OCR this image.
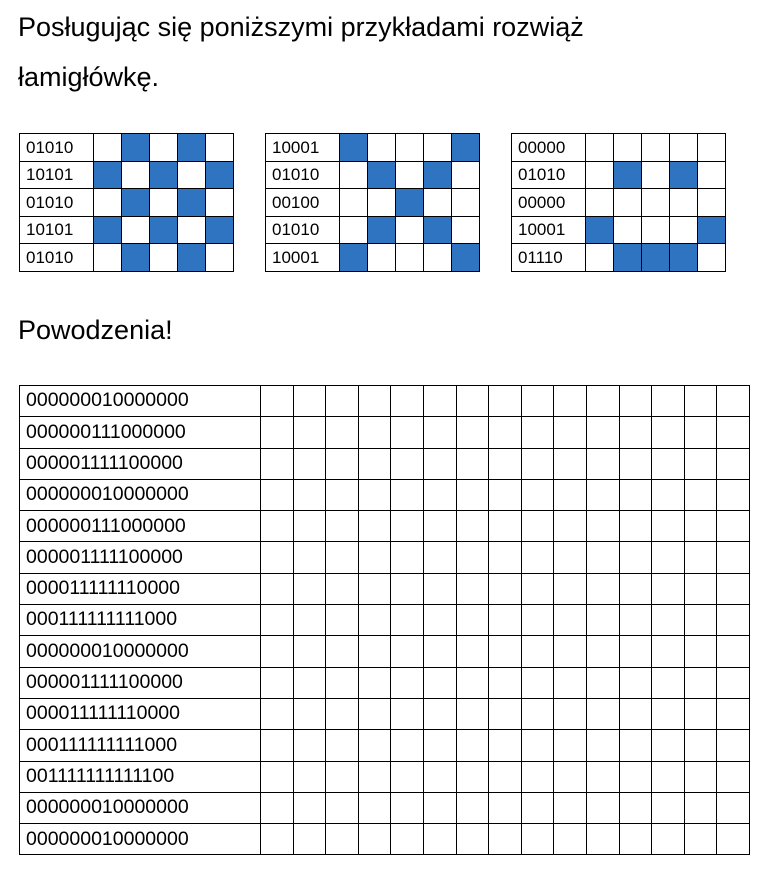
Posługując się poniższymi przykładami rozwiąż łamigłówkę.
01010					
10101					
01010					
10101					
01010					
10001					
01010					
00100					
01010					
10001					
00000					
01010					
00000					
10001					
01110					

Powodzenia!

000000010000000															
000000111000000															
000001111100000															
000000010000000															
000000111000000															
000001111100000															
000011111110000															
000111111111000															
000000010000000															
000001111100000															
000011111110000															
000111111111000															
001111111111100															
000000010000000															
000000010000000															
